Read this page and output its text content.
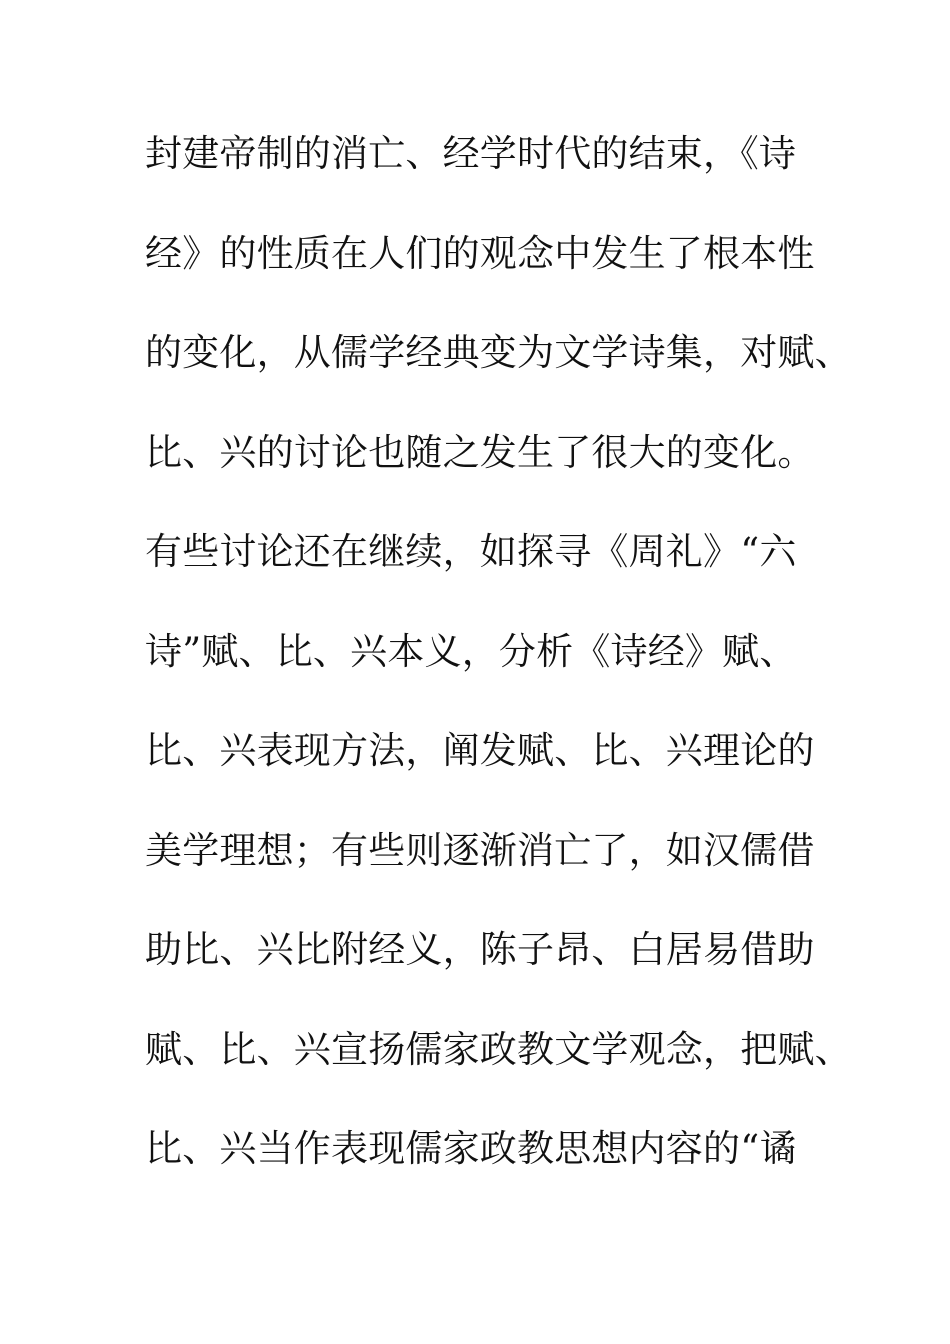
封建帝制的消亡、经学时代的结束，《诗
经》的性质在人们的观念中发生了根本性
的变化，从儒学经典变为文学诗集，对赋、
比、兴的讨论也随之发生了很大的变化。
有些讨论还在继续，如探寻《周礼》“六
诗”赋、比、兴本义，分析《诗经》赋、
比、兴表现方法，阐发赋、比、兴理论的
美学理想；有些则逐渐消亡了，如汉儒借
助比、兴比附经义，陈子昂、白居易借助
赋、比、兴宣扬儒家政教文学观念，把赋、
比、兴当作表现儒家政教思想内容的“谲
